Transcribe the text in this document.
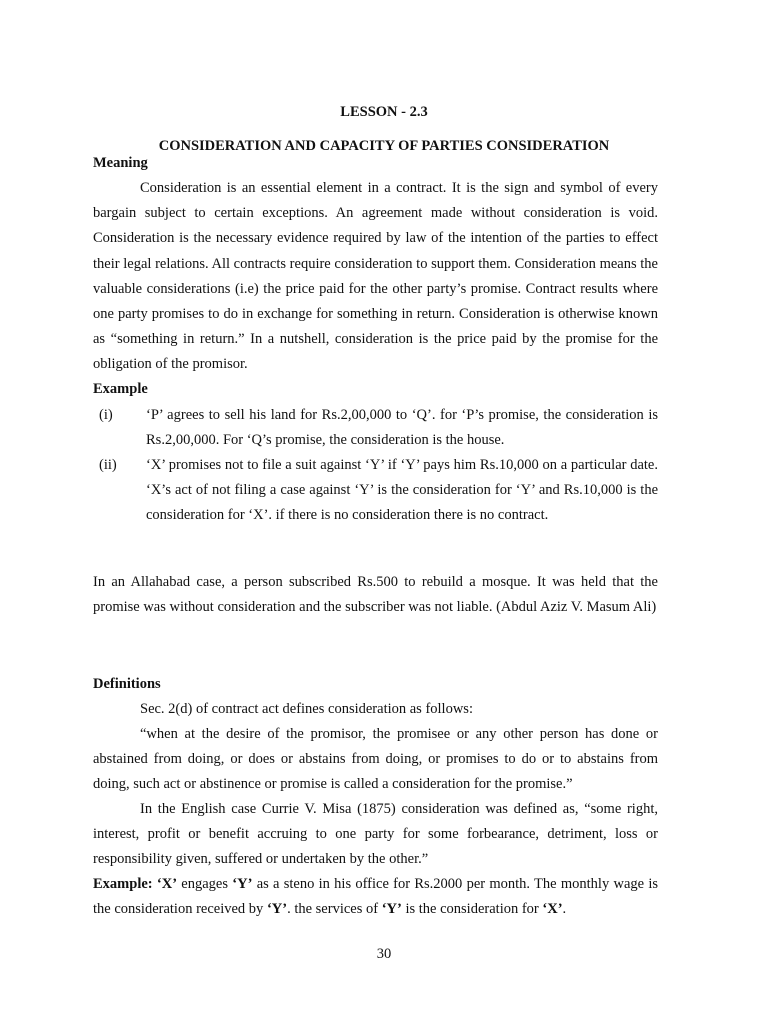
LESSON - 2.3
CONSIDERATION AND CAPACITY OF PARTIES CONSIDERATION
Meaning

Consideration is an essential element in a contract. It is the sign and symbol of every bargain subject to certain exceptions. An agreement made without consideration is void. Consideration is the necessary evidence required by law of the intention of the parties to effect their legal relations. All contracts require consideration to support them. Consideration means the valuable considerations (i.e) the price paid for the other party’s promise. Contract results where one party promises to do in exchange for something in return. Consideration is otherwise known as “something in return.” In a nutshell, consideration is the price paid by the promise for the obligation of the promisor.

Example
(i) ‘P’ agrees to sell his land for Rs.2,00,000 to ‘Q’. for ‘P’s promise, the consideration is Rs.2,00,000. For ‘Q’s promise, the consideration is the house.
(ii) ‘X’ promises not to file a suit against ‘Y’ if ‘Y’ pays him Rs.10,000 on a particular date. ‘X’s act of not filing a case against ‘Y’ is the consideration for ‘Y’ and Rs.10,000 is the consideration for ‘X’. if there is no consideration there is no contract.

In an Allahabad case, a person subscribed Rs.500 to rebuild a mosque. It was held that the promise was without consideration and the subscriber was not liable. (Abdul Aziz V. Masum Ali)

Definitions

Sec. 2(d) of contract act defines consideration as follows:

“when at the desire of the promisor, the promisee or any other person has done or abstained from doing, or does or abstains from doing, or promises to do or to abstains from doing, such act or abstinence or promise is called a consideration for the promise.”

In the English case Currie V. Misa (1875) consideration was defined as, “some right, interest, profit or benefit accruing to one party for some forbearance, detriment, loss or responsibility given, suffered or undertaken by the other.”

Example: ‘X’ engages ‘Y’ as a steno in his office for Rs.2000 per month. The monthly wage is the consideration received by ‘Y’. the services of ‘Y’ is the consideration for ‘X’.

30
